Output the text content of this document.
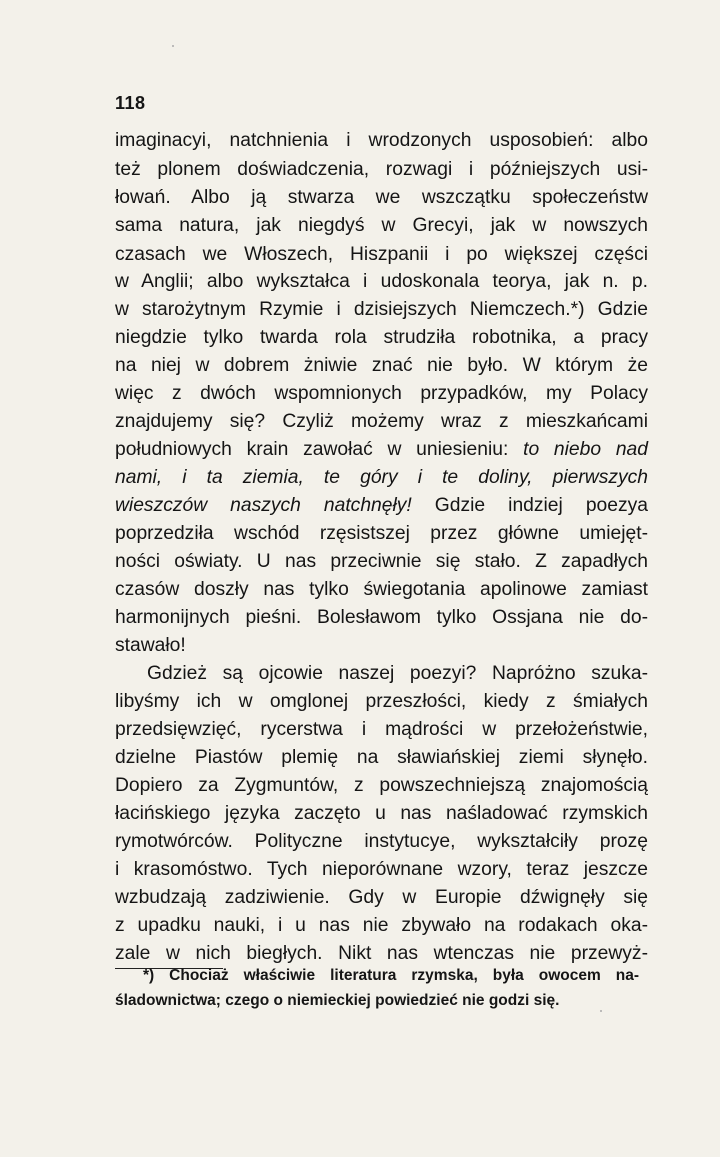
118
imaginacyi, natchnienia i wrodzonych usposobień: albo
też plonem doświadczenia, rozwagi i późniejszych usi-
łowań. Albo ją stwarza we wszczątku społeczeństw
sama natura, jak niegdyś w Grecyi, jak w nowszych
czasach we Włoszech, Hiszpanii i po większej części
w Anglii; albo wykształca i udoskonala teorya, jak n. p.
w starożytnym Rzymie i dzisiejszych Niemczech.*) Gdzie
niegdzie tylko twarda rola strudziła robotnika, a pracy
na niej w dobrem żniwie znać nie było. W którym że
więc z dwóch wspomnionych przypadków, my Polacy
znajdujemy się? Czyliż możemy wraz z mieszkańcami
południowych krain zawołać w uniesieniu: to niebo nad
nami, i ta ziemia, te góry i te doliny, pierwszych
wieszczów naszych natchnęły! Gdzie indziej poezya
poprzedziła wschód rzęsistszej przez główne umiejęt-
ności oświaty. U nas przeciwnie się stało. Z zapadłych
czasów doszły nas tylko świegotania apolinowe zamiast
harmonijnych pieśni. Bolesławom tylko Ossjana nie do-
stawało!
Gdzież są ojcowie naszej poezyi? Napróżno szuka-
libyśmy ich w omglonej przeszłości, kiedy z śmiałych
przedsięwzięć, rycerstwa i mądrości w przełożeństwie,
dzielne Piastów plemię na sławiańskiej ziemi słynęło.
Dopiero za Zygmuntów, z powszechniejszą znajomością
łacińskiego języka zaczęto u nas naśladować rzymskich
rymotwórców. Polityczne instytucye, wykształciły prozę
i krasomóstwo. Tych nieporównane wzory, teraz jeszcze
wzbudzają zadziwienie. Gdy w Europie dźwignęły się
z upadku nauki, i u nas nie zbywało na rodakach oka-
zale w nich biegłych. Nikt nas wtenczas nie przewyż-
*) Chociaż właściwie literatura rzymska, była owocem na-
śladownictwa; czego o niemieckiej powiedzieć nie godzi się.
